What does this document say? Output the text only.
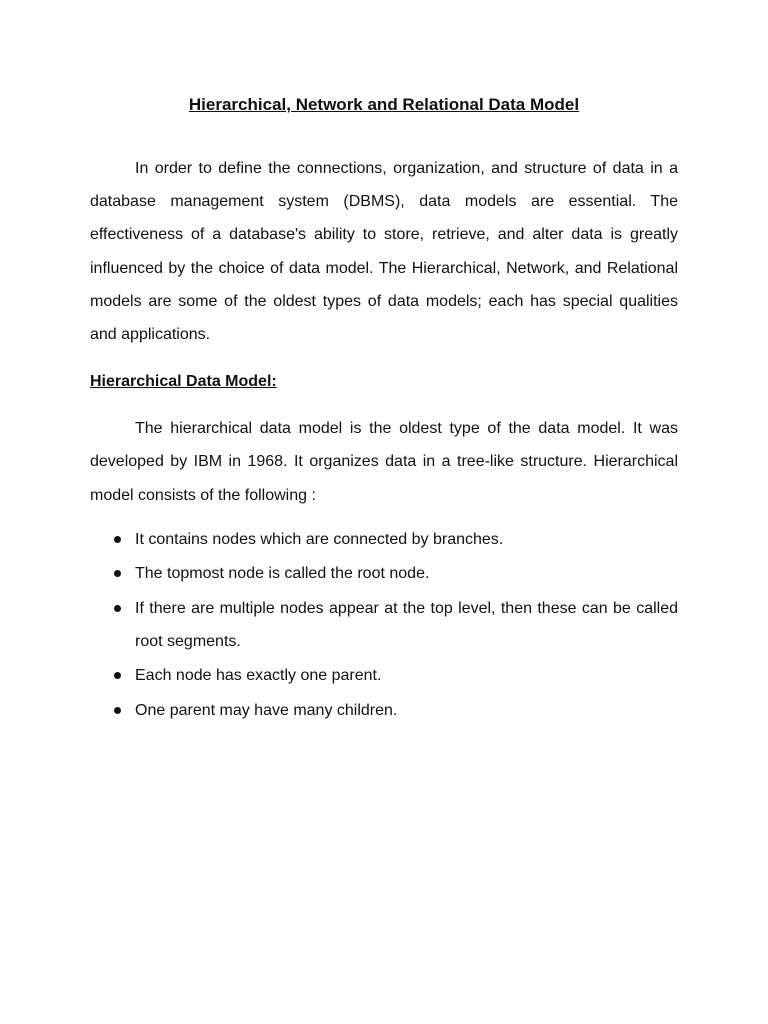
Hierarchical, Network and Relational Data Model

In order to define the connections, organization, and structure of data in a database management system (DBMS), data models are essential. The effectiveness of a database's ability to store, retrieve, and alter data is greatly influenced by the choice of data model. The Hierarchical, Network, and Relational models are some of the oldest types of data models; each has special qualities and applications.

Hierarchical Data Model:

The hierarchical data model is the oldest type of the data model. It was developed by IBM in 1968. It organizes data in a tree-like structure. Hierarchical model consists of the following :

It contains nodes which are connected by branches.
The topmost node is called the root node.
If there are multiple nodes appear at the top level, then these can be called root segments.
Each node has exactly one parent.
One parent may have many children.
